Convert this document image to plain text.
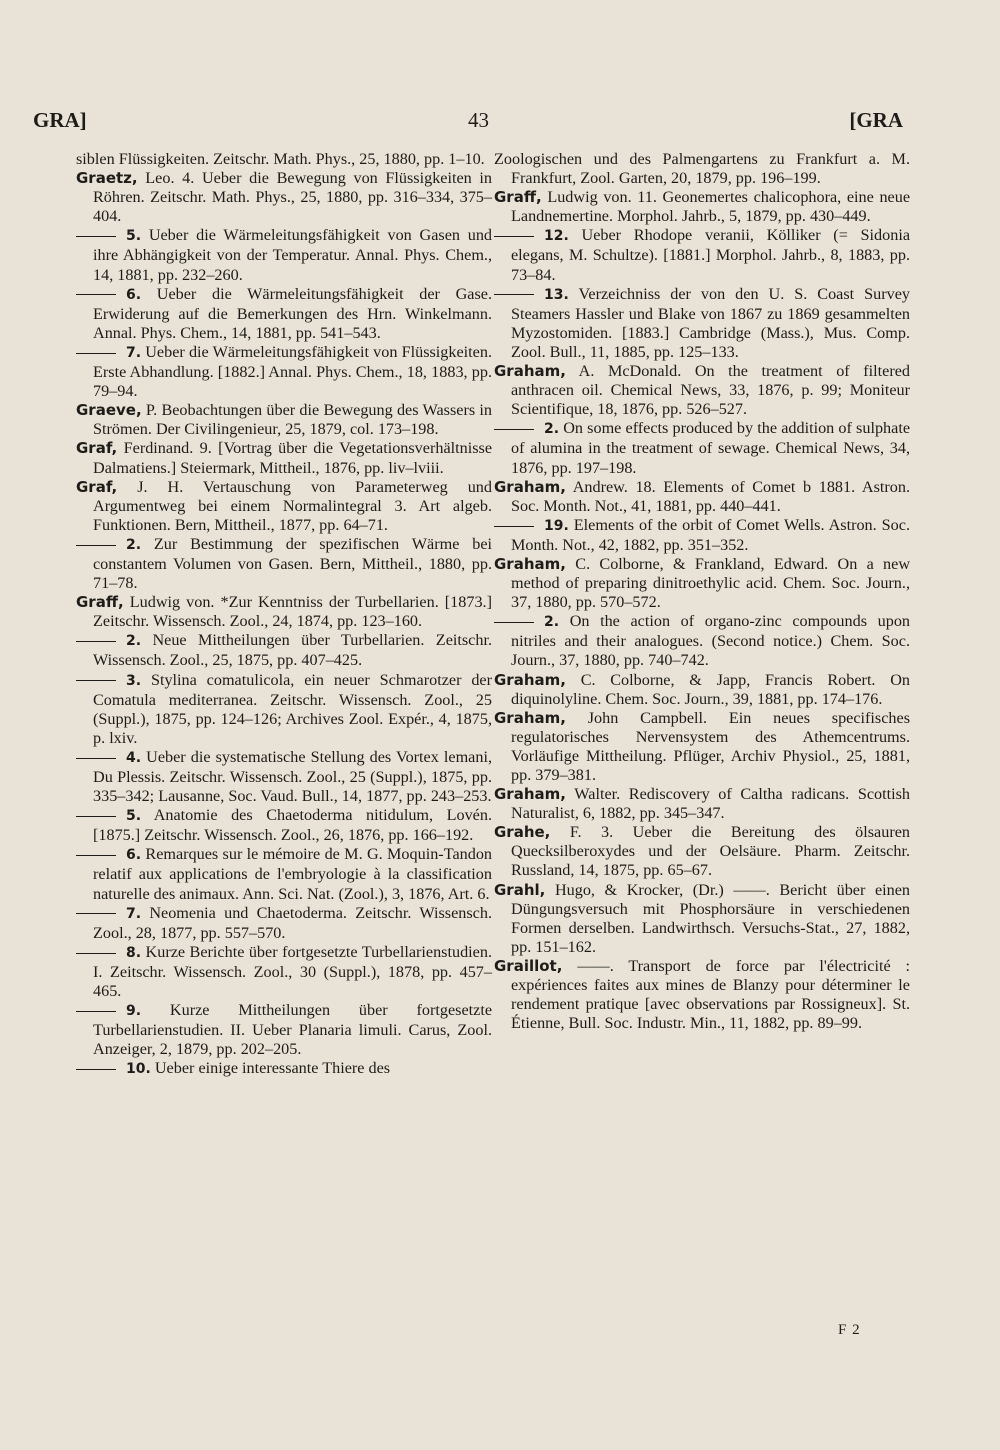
GRA]	43	[GRA

siblen Flüssigkeiten. Zeitschr. Math. Phys., 25, 1880, pp. 1–10.

Graetz, Leo. 4. Ueber die Bewegung von Flüssigkeiten in Röhren. Zeitschr. Math. Phys., 25, 1880, pp. 316–334, 375–404.

5. Ueber die Wärmeleitungsfähigkeit von Gasen und ihre Abhängigkeit von der Temperatur. Annal. Phys. Chem., 14, 1881, pp. 232–260.

6. Ueber die Wärmeleitungsfähigkeit der Gase. Erwiderung auf die Bemerkungen des Hrn. Winkelmann. Annal. Phys. Chem., 14, 1881, pp. 541–543.

7. Ueber die Wärmeleitungsfähigkeit von Flüssigkeiten. Erste Abhandlung. [1882.] Annal. Phys. Chem., 18, 1883, pp. 79–94.

Graeve, P. Beobachtungen über die Bewegung des Wassers in Strömen. Der Civilingenieur, 25, 1879, col. 173–198.

Graf, Ferdinand. 9. [Vortrag über die Vegetationsverhältnisse Dalmatiens.] Steiermark, Mittheil., 1876, pp. liv–lviii.

Graf, J. H. Vertauschung von Parameterweg und Argumentweg bei einem Normalintegral 3. Art algeb. Funktionen. Bern, Mittheil., 1877, pp. 64–71.

2. Zur Bestimmung der spezifischen Wärme bei constantem Volumen von Gasen. Bern, Mittheil., 1880, pp. 71–78.

Graff, Ludwig von. *Zur Kenntniss der Turbellarien. [1873.] Zeitschr. Wissensch. Zool., 24, 1874, pp. 123–160.

2. Neue Mittheilungen über Turbellarien. Zeitschr. Wissensch. Zool., 25, 1875, pp. 407–425.

3. Stylina comatulicola, ein neuer Schmarotzer der Comatula mediterranea. Zeitschr. Wissensch. Zool., 25 (Suppl.), 1875, pp. 124–126; Archives Zool. Expér., 4, 1875, p. lxiv.

4. Ueber die systematische Stellung des Vortex lemani, Du Plessis. Zeitschr. Wissensch. Zool., 25 (Suppl.), 1875, pp. 335–342; Lausanne, Soc. Vaud. Bull., 14, 1877, pp. 243–253.

5. Anatomie des Chaetoderma nitidulum, Lovén. [1875.] Zeitschr. Wissensch. Zool., 26, 1876, pp. 166–192.

6. Remarques sur le mémoire de M. G. Moquin-Tandon relatif aux applications de l'embryologie à la classification naturelle des animaux. Ann. Sci. Nat. (Zool.), 3, 1876, Art. 6.

7. Neomenia und Chaetoderma. Zeitschr. Wissensch. Zool., 28, 1877, pp. 557–570.

8. Kurze Berichte über fortgesetzte Turbellarienstudien. I. Zeitschr. Wissensch. Zool., 30 (Suppl.), 1878, pp. 457–465.

9. Kurze Mittheilungen über fortgesetzte Turbellarienstudien. II. Ueber Planaria limuli. Carus, Zool. Anzeiger, 2, 1879, pp. 202–205.

10. Ueber einige interessante Thiere des

Zoologischen und des Palmengartens zu Frankfurt a. M. Frankfurt, Zool. Garten, 20, 1879, pp. 196–199.

Graff, Ludwig von. 11. Geonemertes chalicophora, eine neue Landnemertine. Morphol. Jahrb., 5, 1879, pp. 430–449.

12. Ueber Rhodope veranii, Kölliker (= Sidonia elegans, M. Schultze). [1881.] Morphol. Jahrb., 8, 1883, pp. 73–84.

13. Verzeichniss der von den U. S. Coast Survey Steamers Hassler und Blake von 1867 zu 1869 gesammelten Myzostomiden. [1883.] Cambridge (Mass.), Mus. Comp. Zool. Bull., 11, 1885, pp. 125–133.

Graham, A. McDonald. On the treatment of filtered anthracen oil. Chemical News, 33, 1876, p. 99; Moniteur Scientifique, 18, 1876, pp. 526–527.

2. On some effects produced by the addition of sulphate of alumina in the treatment of sewage. Chemical News, 34, 1876, pp. 197–198.

Graham, Andrew. 18. Elements of Comet b 1881. Astron. Soc. Month. Not., 41, 1881, pp. 440–441.

19. Elements of the orbit of Comet Wells. Astron. Soc. Month. Not., 42, 1882, pp. 351–352.

Graham, C. Colborne, & Frankland, Edward. On a new method of preparing dinitroethylic acid. Chem. Soc. Journ., 37, 1880, pp. 570–572.

2. On the action of organo-zinc compounds upon nitriles and their analogues. (Second notice.) Chem. Soc. Journ., 37, 1880, pp. 740–742.

Graham, C. Colborne, & Japp, Francis Robert. On diquinolyline. Chem. Soc. Journ., 39, 1881, pp. 174–176.

Graham, John Campbell. Ein neues specifisches regulatorisches Nervensystem des Athemcentrums. Vorläufige Mittheilung. Pflüger, Archiv Physiol., 25, 1881, pp. 379–381.

Graham, Walter. Rediscovery of Caltha radicans. Scottish Naturalist, 6, 1882, pp. 345–347.

Grahe, F. 3. Ueber die Bereitung des ölsauren Quecksilberoxydes und der Oelsäure. Pharm. Zeitschr. Russland, 14, 1875, pp. 65–67.

Grahl, Hugo, & Krocker, (Dr.) ——. Bericht über einen Düngungsversuch mit Phosphorsäure in verschiedenen Formen derselben. Landwirthsch. Versuchs-Stat., 27, 1882, pp. 151–162.

Graillot, ——. Transport de force par l'électricité : expériences faites aux mines de Blanzy pour déterminer le rendement pratique [avec observations par Rossigneux]. St. Étienne, Bull. Soc. Industr. Min., 11, 1882, pp. 89–99.

F 2
